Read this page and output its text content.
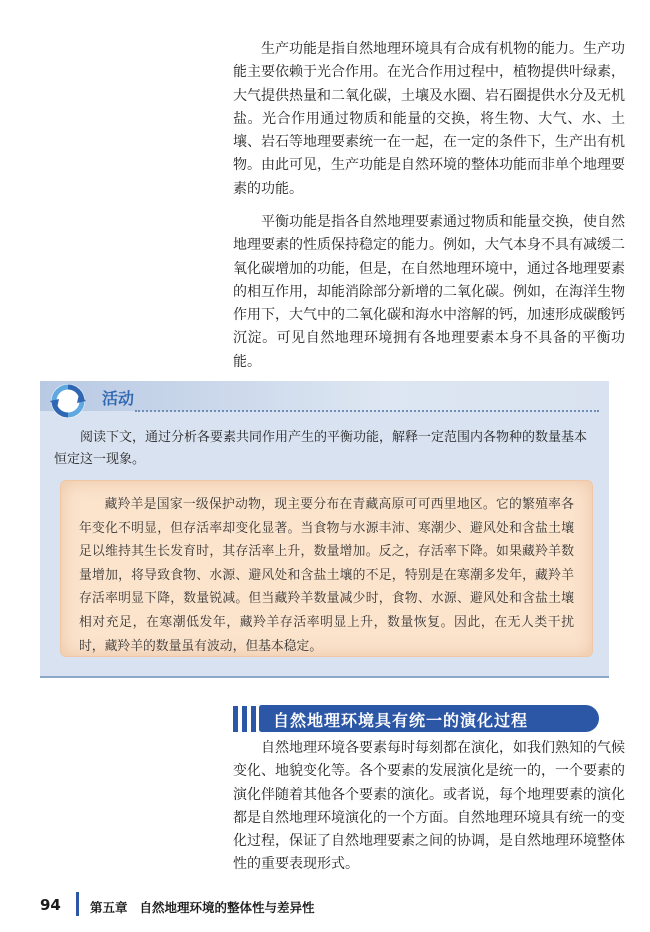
生产功能是指自然地理环境具有合成有机物的能力。生产功能主要依赖于光合作用。在光合作用过程中，植物提供叶绿素，大气提供热量和二氧化碳，土壤及水圈、岩石圈提供水分及无机盐。光合作用通过物质和能量的交换，将生物、大气、水、土壤、岩石等地理要素统一在一起，在一定的条件下，生产出有机物。由此可见，生产功能是自然环境的整体功能而非单个地理要素的功能。

平衡功能是指各自然地理要素通过物质和能量交换，使自然地理要素的性质保持稳定的能力。例如，大气本身不具有减缓二氧化碳增加的功能，但是，在自然地理环境中，通过各地理要素的相互作用，却能消除部分新增的二氧化碳。例如，在海洋生物作用下，大气中的二氧化碳和海水中溶解的钙，加速形成碳酸钙沉淀。可见自然地理环境拥有各地理要素本身不具备的平衡功能。

活动

阅读下文，通过分析各要素共同作用产生的平衡功能，解释一定范围内各物种的数量基本恒定这一现象。

藏羚羊是国家一级保护动物，现主要分布在青藏高原可可西里地区。它的繁殖率各年变化不明显，但存活率却变化显著。当食物与水源丰沛、寒潮少、避风处和含盐土壤足以维持其生长发育时，其存活率上升，数量增加。反之，存活率下降。如果藏羚羊数量增加，将导致食物、水源、避风处和含盐土壤的不足，特别是在寒潮多发年，藏羚羊存活率明显下降，数量锐减。但当藏羚羊数量减少时，食物、水源、避风处和含盐土壤相对充足，在寒潮低发年，藏羚羊存活率明显上升，数量恢复。因此，在无人类干扰时，藏羚羊的数量虽有波动，但基本稳定。

自然地理环境具有统一的演化过程

自然地理环境各要素每时每刻都在演化，如我们熟知的气候变化、地貌变化等。各个要素的发展演化是统一的，一个要素的演化伴随着其他各个要素的演化。或者说，每个地理要素的演化都是自然地理环境演化的一个方面。自然地理环境具有统一的变化过程，保证了自然地理要素之间的协调，是自然地理环境整体性的重要表现形式。

94 第五章 自然地理环境的整体性与差异性
